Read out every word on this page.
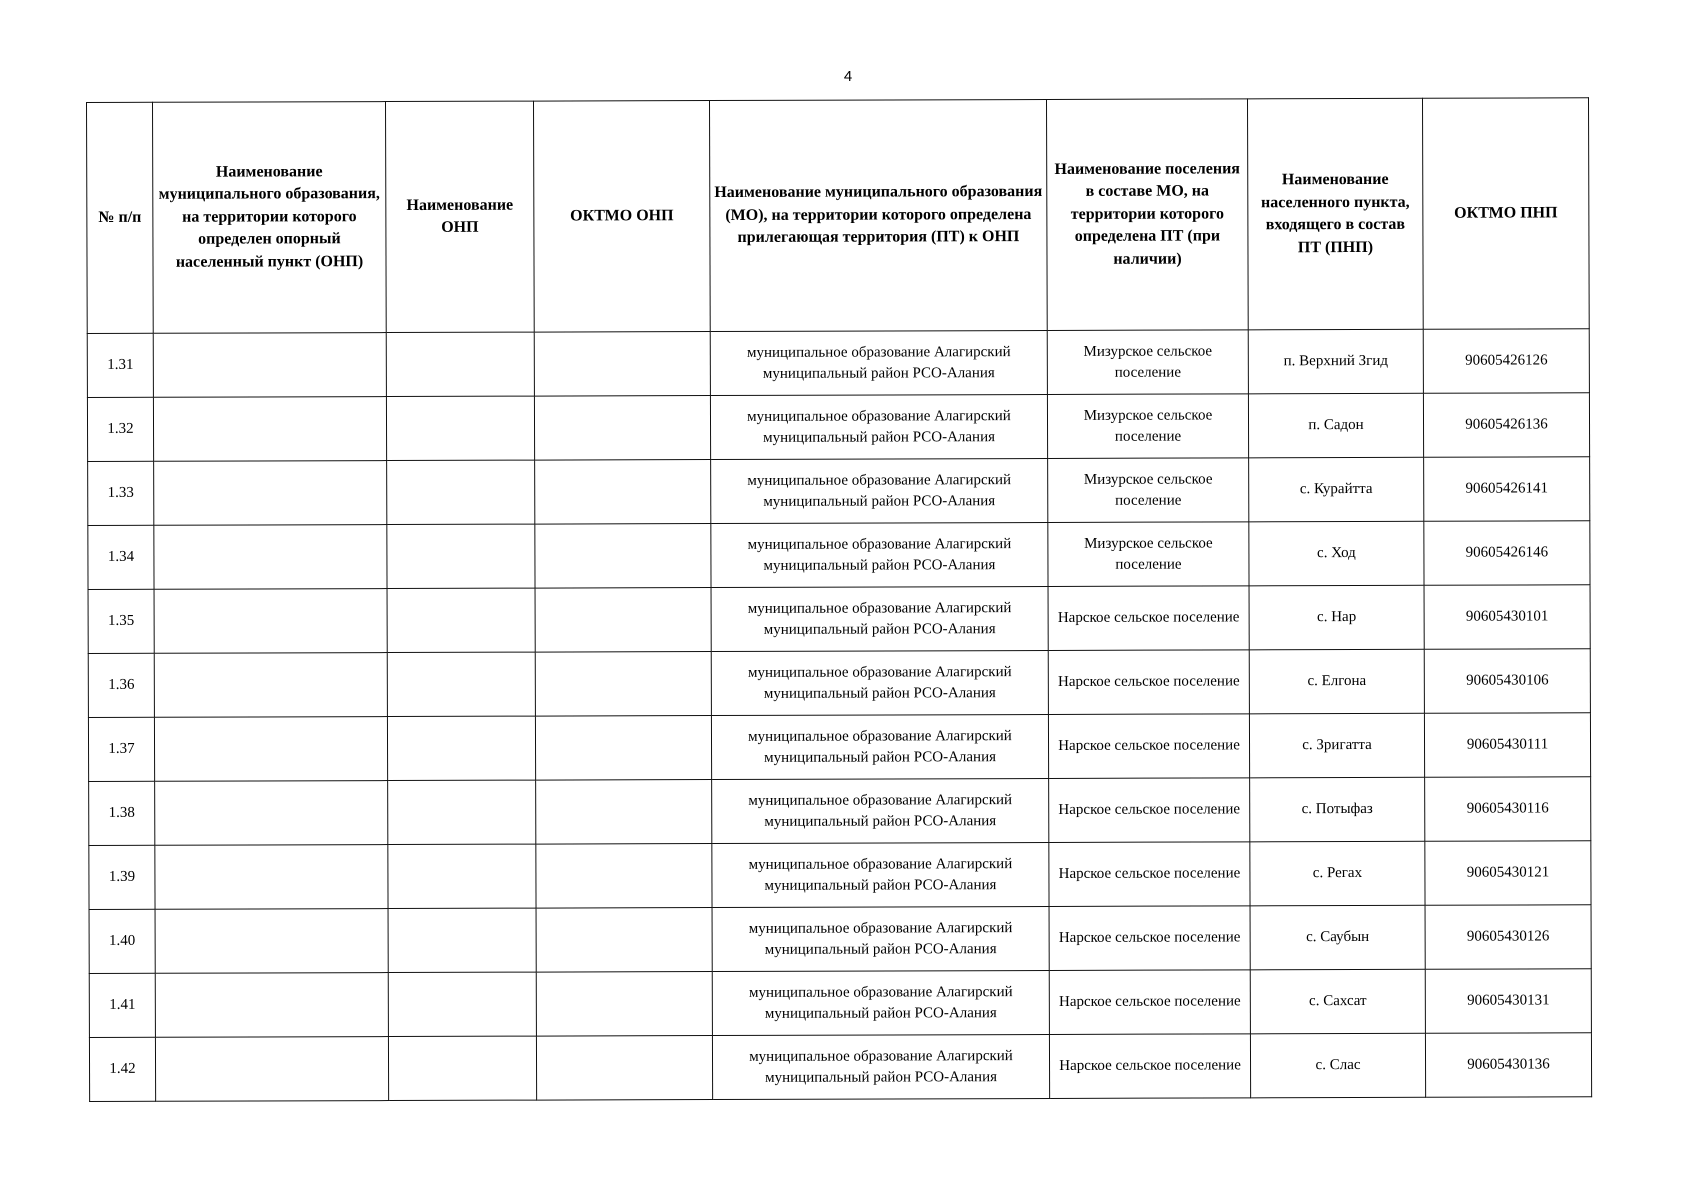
4
№ п/п	Наименование муниципального образования, на территории которого определен опорный населенный пункт (ОНП)	Наименование ОНП	ОКТМО ОНП	Наименование муниципального образования (МО), на территории которого определена прилегающая территория (ПТ) к ОНП	Наименование поселения в составе МО, на территории которого определена ПТ (при наличии)	Наименование населенного пункта, входящего в состав ПТ (ПНП)	ОКТМО ПНП
1.31				муниципальное образование Алагирский муниципальный район РСО-Алания	Мизурское сельское поселение	п. Верхний Згид	90605426126
1.32				муниципальное образование Алагирский муниципальный район РСО-Алания	Мизурское сельское поселение	п. Садон	90605426136
1.33				муниципальное образование Алагирский муниципальный район РСО-Алания	Мизурское сельское поселение	с. Курайтта	90605426141
1.34				муниципальное образование Алагирский муниципальный район РСО-Алания	Мизурское сельское поселение	с. Ход	90605426146
1.35				муниципальное образование Алагирский муниципальный район РСО-Алания	Нарское сельское поселение	с. Нар	90605430101
1.36				муниципальное образование Алагирский муниципальный район РСО-Алания	Нарское сельское поселение	с. Елгона	90605430106
1.37				муниципальное образование Алагирский муниципальный район РСО-Алания	Нарское сельское поселение	с. Зригатта	90605430111
1.38				муниципальное образование Алагирский муниципальный район РСО-Алания	Нарское сельское поселение	с. Потыфаз	90605430116
1.39				муниципальное образование Алагирский муниципальный район РСО-Алания	Нарское сельское поселение	с. Регах	90605430121
1.40				муниципальное образование Алагирский муниципальный район РСО-Алания	Нарское сельское поселение	с. Саубын	90605430126
1.41				муниципальное образование Алагирский муниципальный район РСО-Алания	Нарское сельское поселение	с. Сахсат	90605430131
1.42				муниципальное образование Алагирский муниципальный район РСО-Алания	Нарское сельское поселение	с. Слас	90605430136
